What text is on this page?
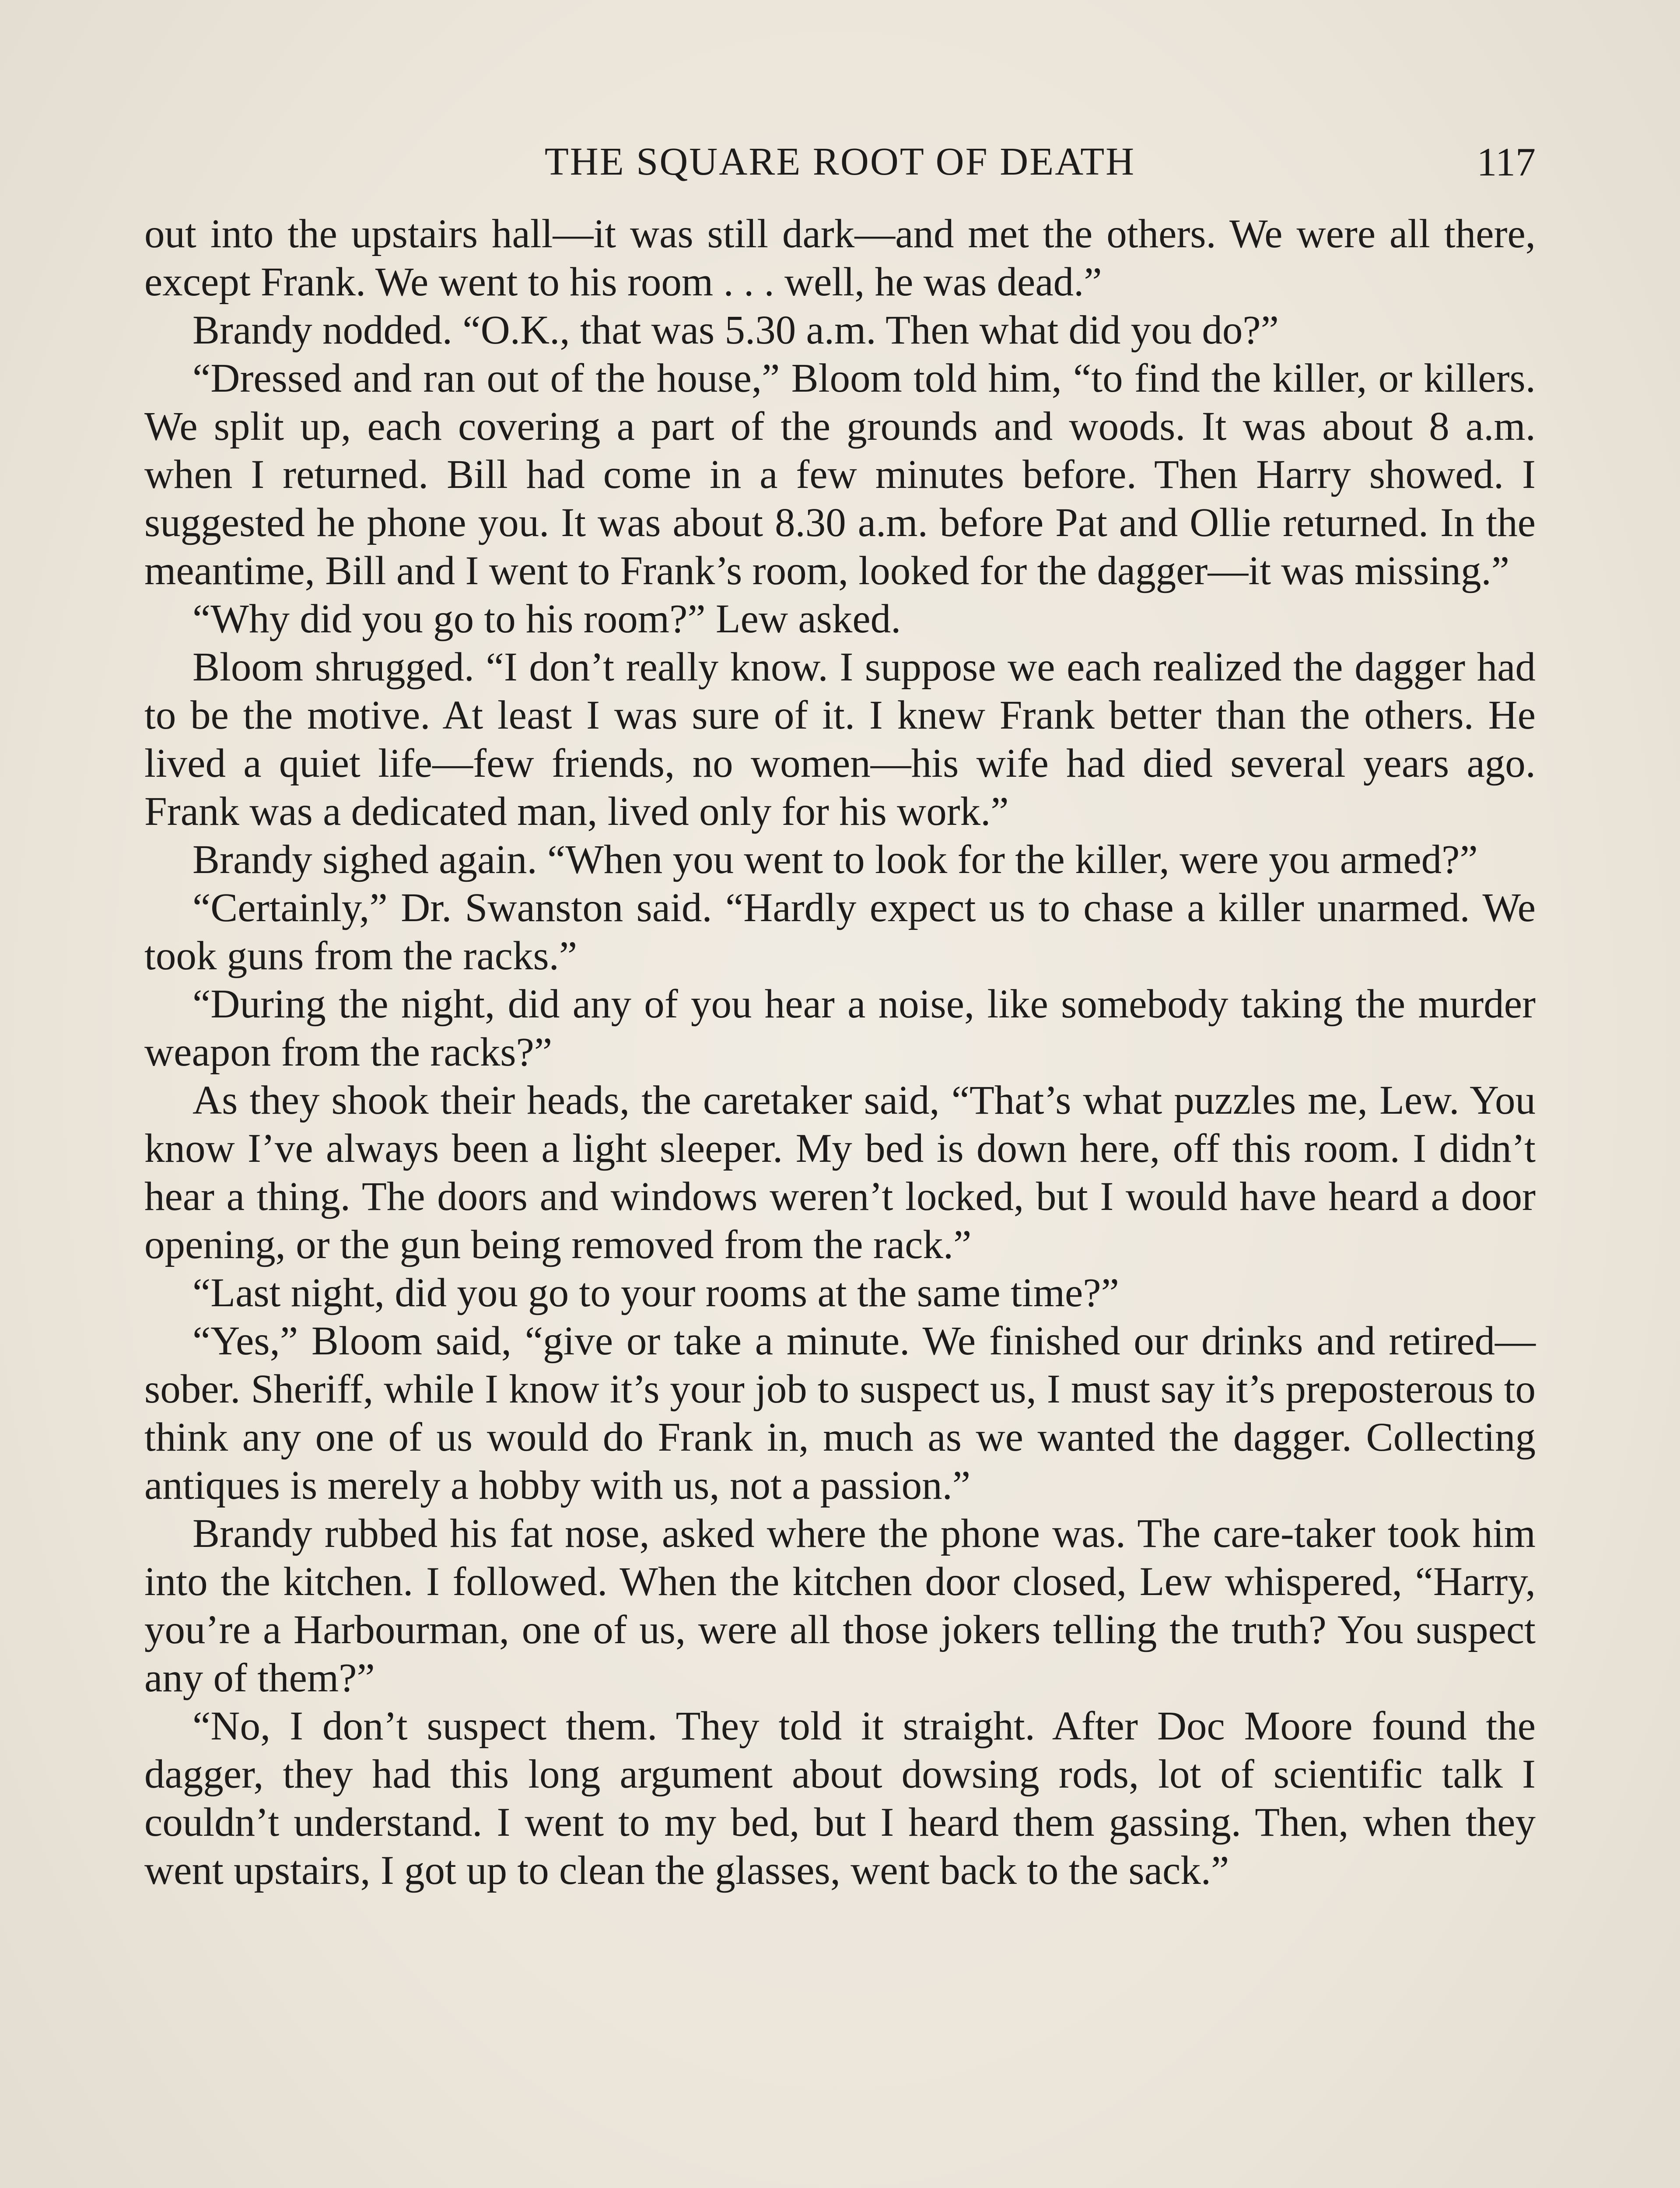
THE SQUARE ROOT OF DEATH	117

out into the upstairs hall—it was still dark—and met the others. We were all there, except Frank. We went to his room . . . well, he was dead.”

Brandy nodded. “O.K., that was 5.30 a.m. Then what did you do?”

“Dressed and ran out of the house,” Bloom told him, “to find the killer, or killers. We split up, each covering a part of the grounds and woods. It was about 8 a.m. when I returned. Bill had come in a few minutes before. Then Harry showed. I suggested he phone you. It was about 8.30 a.m. before Pat and Ollie returned. In the meantime, Bill and I went to Frank’s room, looked for the dagger—it was missing.”

“Why did you go to his room?” Lew asked.

Bloom shrugged. “I don’t really know. I suppose we each realized the dagger had to be the motive. At least I was sure of it. I knew Frank better than the others. He lived a quiet life—few friends, no women—his wife had died several years ago. Frank was a dedicated man, lived only for his work.”

Brandy sighed again. “When you went to look for the killer, were you armed?”

“Certainly,” Dr. Swanston said. “Hardly expect us to chase a killer unarmed. We took guns from the racks.”

“During the night, did any of you hear a noise, like somebody taking the murder weapon from the racks?”

As they shook their heads, the caretaker said, “That’s what puzzles me, Lew. You know I’ve always been a light sleeper. My bed is down here, off this room. I didn’t hear a thing. The doors and windows weren’t locked, but I would have heard a door opening, or the gun being removed from the rack.”

“Last night, did you go to your rooms at the same time?”

“Yes,” Bloom said, “give or take a minute. We finished our drinks and retired—sober. Sheriff, while I know it’s your job to suspect us, I must say it’s preposterous to think any one of us would do Frank in, much as we wanted the dagger. Collecting antiques is merely a hobby with us, not a passion.”

Brandy rubbed his fat nose, asked where the phone was. The care-taker took him into the kitchen. I followed. When the kitchen door closed, Lew whispered, “Harry, you’re a Harbourman, one of us, were all those jokers telling the truth? You suspect any of them?”

“No, I don’t suspect them. They told it straight. After Doc Moore found the dagger, they had this long argument about dowsing rods, lot of scientific talk I couldn’t understand. I went to my bed, but I heard them gassing. Then, when they went upstairs, I got up to clean the glasses, went back to the sack.”
